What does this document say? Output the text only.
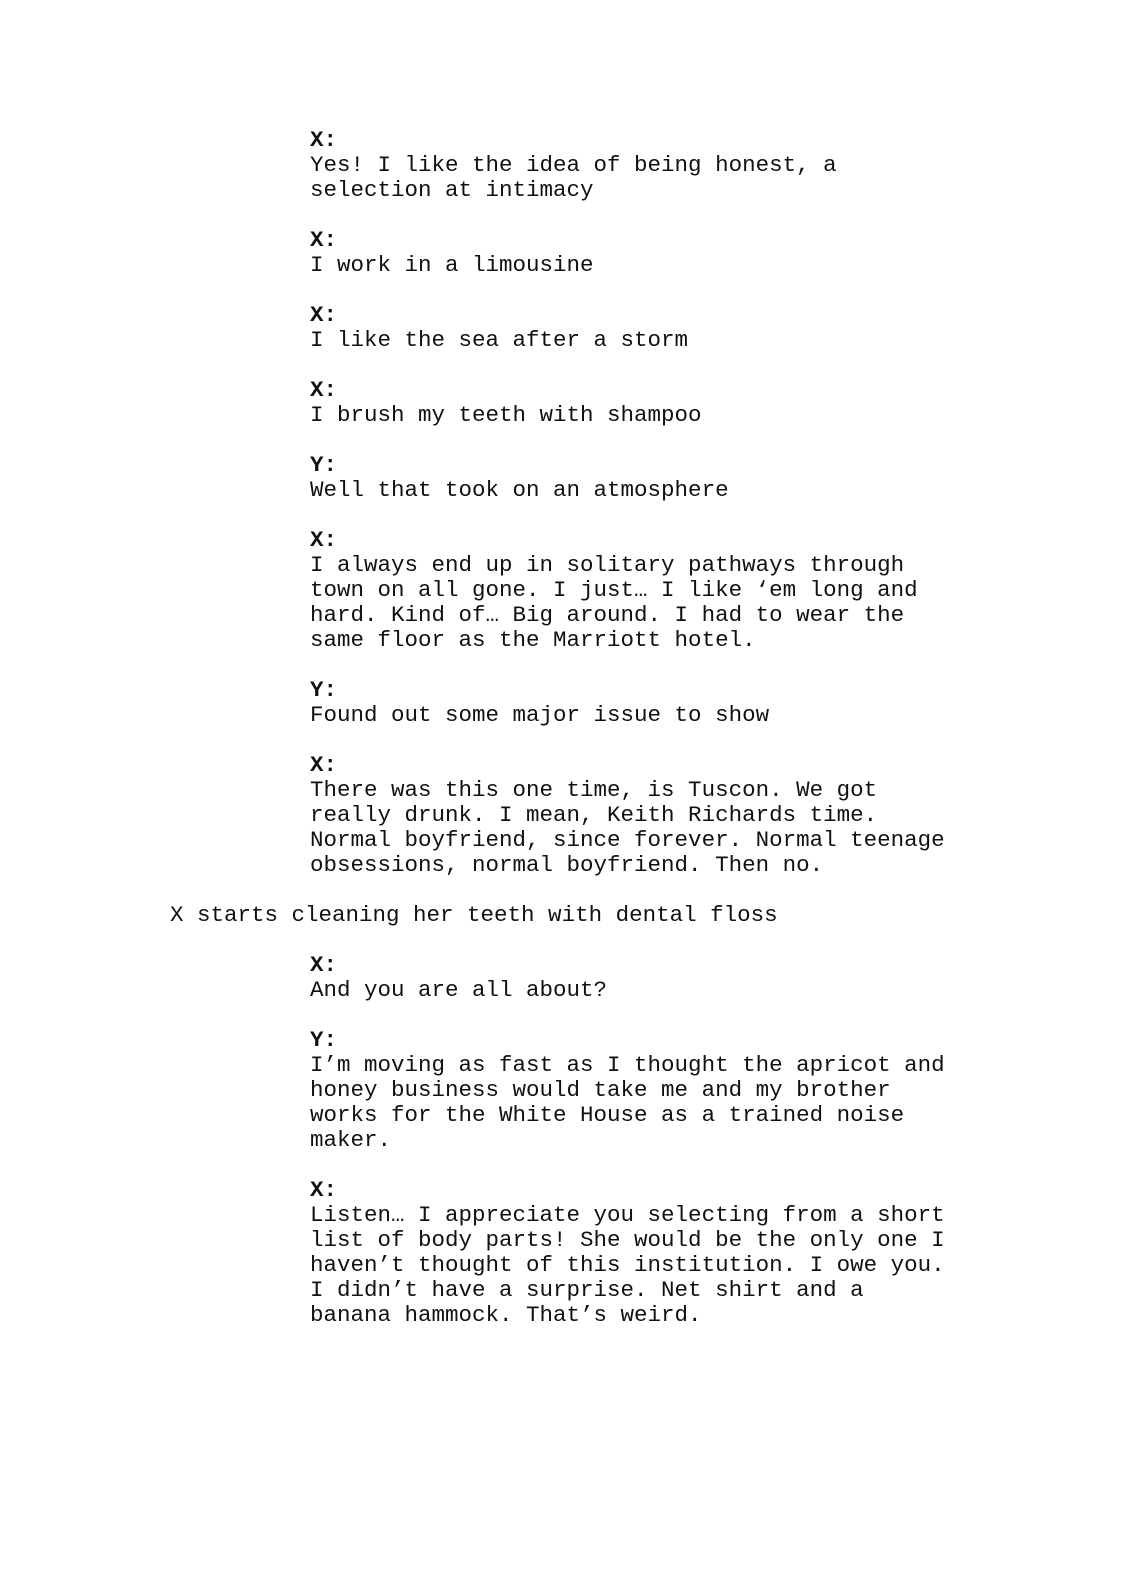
X:
Yes! I like the idea of being honest, a
selection at intimacy
X:
I work in a limousine
X:
I like the sea after a storm
X:
I brush my teeth with shampoo
Y:
Well that took on an atmosphere
X:
I always end up in solitary pathways through
town on all gone. I just… I like ‘em long and
hard. Kind of… Big around. I had to wear the
same floor as the Marriott hotel.
Y:
Found out some major issue to show
X:
There was this one time, is Tuscon. We got
really drunk. I mean, Keith Richards time.
Normal boyfriend, since forever. Normal teenage
obsessions, normal boyfriend. Then no.
X starts cleaning her teeth with dental floss
X:
And you are all about?
Y:
I’m moving as fast as I thought the apricot and
honey business would take me and my brother
works for the White House as a trained noise
maker.
X:
Listen… I appreciate you selecting from a short
list of body parts! She would be the only one I
haven’t thought of this institution. I owe you.
I didn’t have a surprise. Net shirt and a
banana hammock. That’s weird.
